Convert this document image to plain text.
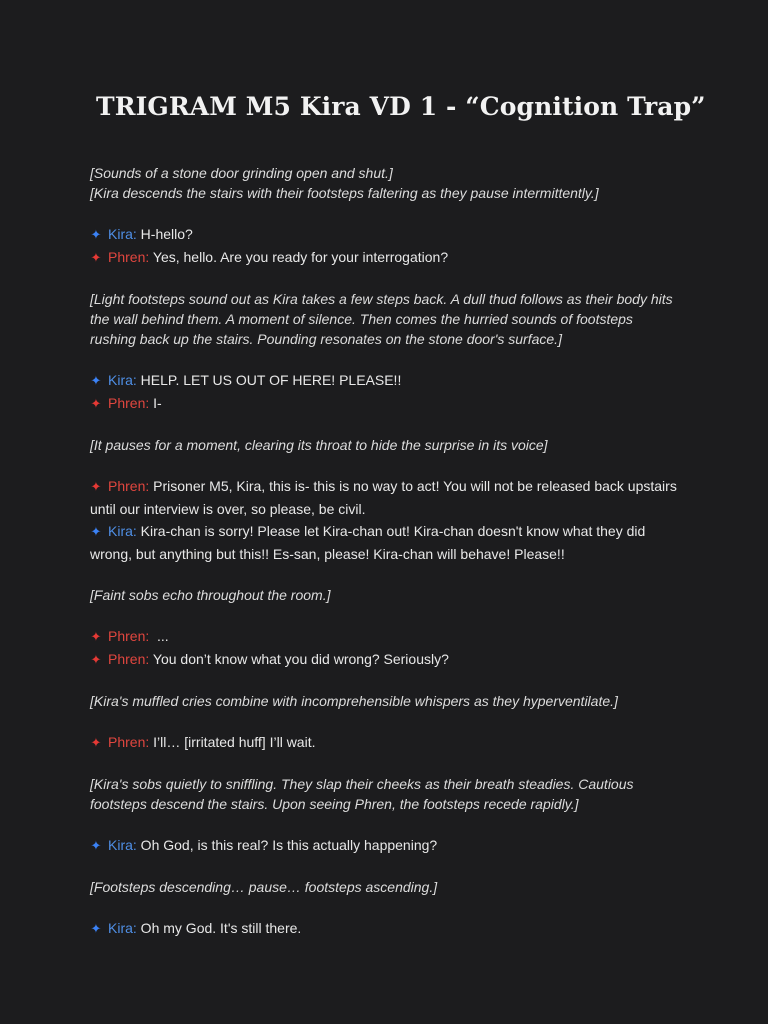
TRIGRAM M5 Kira VD 1 - “Cognition Trap”

[Sounds of a stone door grinding open and shut.]

[Kira descends the stairs with their footsteps faltering as they pause intermittently.]

✦ Kira: H-hello?

✦ Phren: Yes, hello. Are you ready for your interrogation?

[Light footsteps sound out as Kira takes a few steps back. A dull thud follows as their body hits the wall behind them. A moment of silence. Then comes the hurried sounds of footsteps rushing back up the stairs. Pounding resonates on the stone door's surface.]

✦ Kira: HELP. LET US OUT OF HERE! PLEASE!!

✦ Phren: I-

[It pauses for a moment, clearing its throat to hide the surprise in its voice]

✦ Phren: Prisoner M5, Kira, this is- this is no way to act! You will not be released back upstairs until our interview is over, so please, be civil.

✦ Kira: Kira-chan is sorry! Please let Kira-chan out! Kira-chan doesn't know what they did wrong, but anything but this!! Es-san, please! Kira-chan will behave! Please!!

[Faint sobs echo throughout the room.]

✦ Phren:  ...

✦ Phren: You don’t know what you did wrong? Seriously?

[Kira's muffled cries combine with incomprehensible whispers as they hyperventilate.]

✦ Phren: I’ll… [irritated huff] I’ll wait.

[Kira's sobs quietly to sniffling. They slap their cheeks as their breath steadies. Cautious footsteps descend the stairs. Upon seeing Phren, the footsteps recede rapidly.]

✦ Kira: Oh God, is this real? Is this actually happening?

[Footsteps descending… pause… footsteps ascending.]

✦ Kira: Oh my God. It's still there.
